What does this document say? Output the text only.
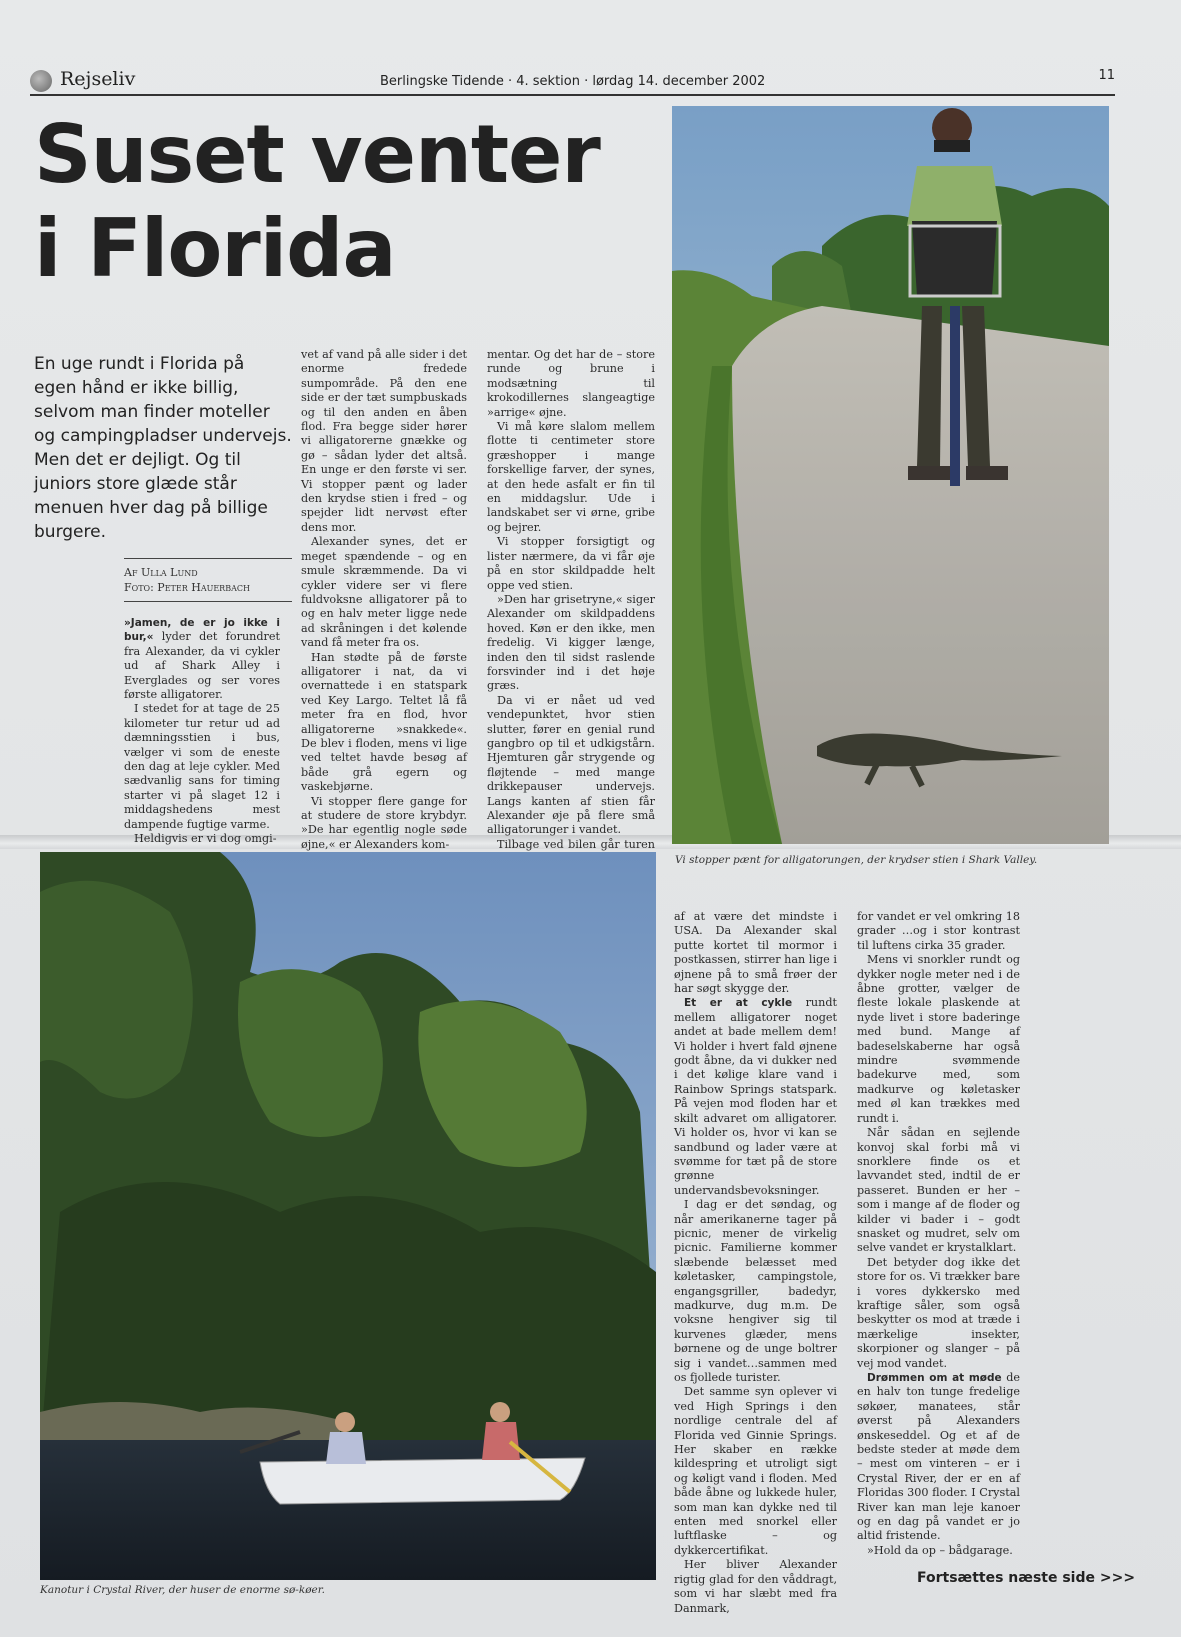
Rejseliv	Berlingske Tidende · 4. sektion · lørdag 14. december 2002	11
Suset venter
i Florida

En uge rundt i Florida på egen hånd er ikke billig, selvom man finder moteller og campingpladser undervejs. Men det er dejligt. Og til juniors store glæde står menuen hver dag på billige burgere.

Af Ulla Lund
Foto: Peter Hauerbach

»Jamen, de er jo ikke i bur,« lyder det forundret fra Alexander, da vi cykler ud af Shark Alley i Everglades og ser vores første alligatorer.

I stedet for at tage de 25 kilometer tur retur ud ad dæmningsstien i bus, vælger vi som de eneste den dag at leje cykler. Med sædvanlig sans for timing starter vi på slaget 12 i middagshedens mest dampende fugtige varme.

Heldigvis er vi dog omgi-

vet af vand på alle sider i det enorme fredede sumpområde. På den ene side er der tæt sumpbuskads og til den anden en åben flod. Fra begge sider hører vi alligatorerne gnække og gø – sådan lyder det altså. En unge er den første vi ser. Vi stopper pænt og lader den krydse stien i fred – og spejder lidt nervøst efter dens mor.

Alexander synes, det er meget spændende – og en smule skræmmende. Da vi cykler videre ser vi flere fuldvoksne alligatorer på to og en halv meter ligge nede ad skråningen i det kølende vand få meter fra os.

Han stødte på de første alligatorer i nat, da vi overnattede i en statspark ved Key Largo. Teltet lå få meter fra en flod, hvor alligatorerne »snakkede«. De blev i floden, mens vi lige ved teltet havde besøg af både grå egern og vaskebjørne.

Vi stopper flere gange for at studere de store krybdyr. »De har egentlig nogle søde øjne,« er Alexanders kom-

mentar. Og det har de – store runde og brune i modsætning til krokodillernes slangeagtige »arrige« øjne.

Vi må køre slalom mellem flotte ti centimeter store græshopper i mange forskellige farver, der synes, at den hede asfalt er fin til en middagslur. Ude i landskabet ser vi ørne, gribe og bejrer.

Vi stopper forsigtigt og lister nærmere, da vi får øje på en stor skildpadde helt oppe ved stien.

»Den har grisetryne,« siger Alexander om skildpaddens hoved. Køn er den ikke, men fredelig. Vi kigger længe, inden den til sidst raslende forsvinder ind i det høje græs.

Da vi er nået ud ved vendepunktet, hvor stien slutter, fører en genial rund gangbro op til et udkigstårn. Hjemturen går strygende og fløjtende – med mange drikkepauser undervejs. Langs kanten af stien får Alexander øje på flere små alligatorunger i vandet.

Tilbage ved bilen går turen

af at være det mindste i USA. Da Alexander skal putte kortet til mormor i postkassen, stirrer han lige i øjnene på to små frøer der har søgt skygge der.

Et er at cykle rundt mellem alligatorer noget andet at bade mellem dem! Vi holder i hvert fald øjnene godt åbne, da vi dukker ned i det kølige klare vand i Rainbow Springs statspark. På vejen mod floden har et skilt advaret om alligatorer. Vi holder os, hvor vi kan se sandbund og lader være at svømme for tæt på de store grønne undervandsbevoksninger.

I dag er det søndag, og når amerikanerne tager på picnic, mener de virkelig picnic. Familierne kommer slæbende belæsset med køletasker, campingstole, engangsgriller, badedyr, madkurve, dug m.m. De voksne hengiver sig til kurvenes glæder, mens børnene og de unge boltrer sig i vandet…sammen med os fjollede turister.

Det samme syn oplever vi ved High Springs i den nordlige centrale del af Florida ved Ginnie Springs. Her skaber en række kildespring et utroligt sigt og køligt vand i floden. Med både åbne og lukkede huler, som man kan dykke ned til enten med snorkel eller luftflaske – og dykkercertifikat.

Her bliver Alexander rigtig glad for den våddragt, som vi har slæbt med fra Danmark,

for vandet er vel omkring 18 grader …og i stor kontrast til luftens cirka 35 grader.

Mens vi snorkler rundt og dykker nogle meter ned i de åbne grotter, vælger de fleste lokale plaskende at nyde livet i store baderinge med bund. Mange af badeselskaberne har også mindre svømmende badekurve med, som madkurve og køletasker med øl kan trækkes med rundt i.

Når sådan en sejlende konvoj skal forbi må vi snorklere finde os et lavvandet sted, indtil de er passeret. Bunden er her – som i mange af de floder og kilder vi bader i – godt snasket og mudret, selv om selve vandet er krystalklart.

Det betyder dog ikke det store for os. Vi trækker bare i vores dykkersko med kraftige såler, som også beskytter os mod at træde i mærkelige insekter, skorpioner og slanger – på vej mod vandet.

Drømmen om at møde de en halv ton tunge fredelige søkøer, manatees, står øverst på Alexanders ønskeseddel. Og et af de bedste steder at møde dem – mest om vinteren – er i Crystal River, der er en af Floridas 300 floder. I Crystal River kan man leje kanoer og en dag på vandet er jo altid fristende.

»Hold da op – bådgarage.

Vi stopper pænt for alligatorungen, der krydser stien i Shark Valley.
Kanotur i Crystal River, der huser de enorme sø-køer.
Fortsættes næste side >>>
